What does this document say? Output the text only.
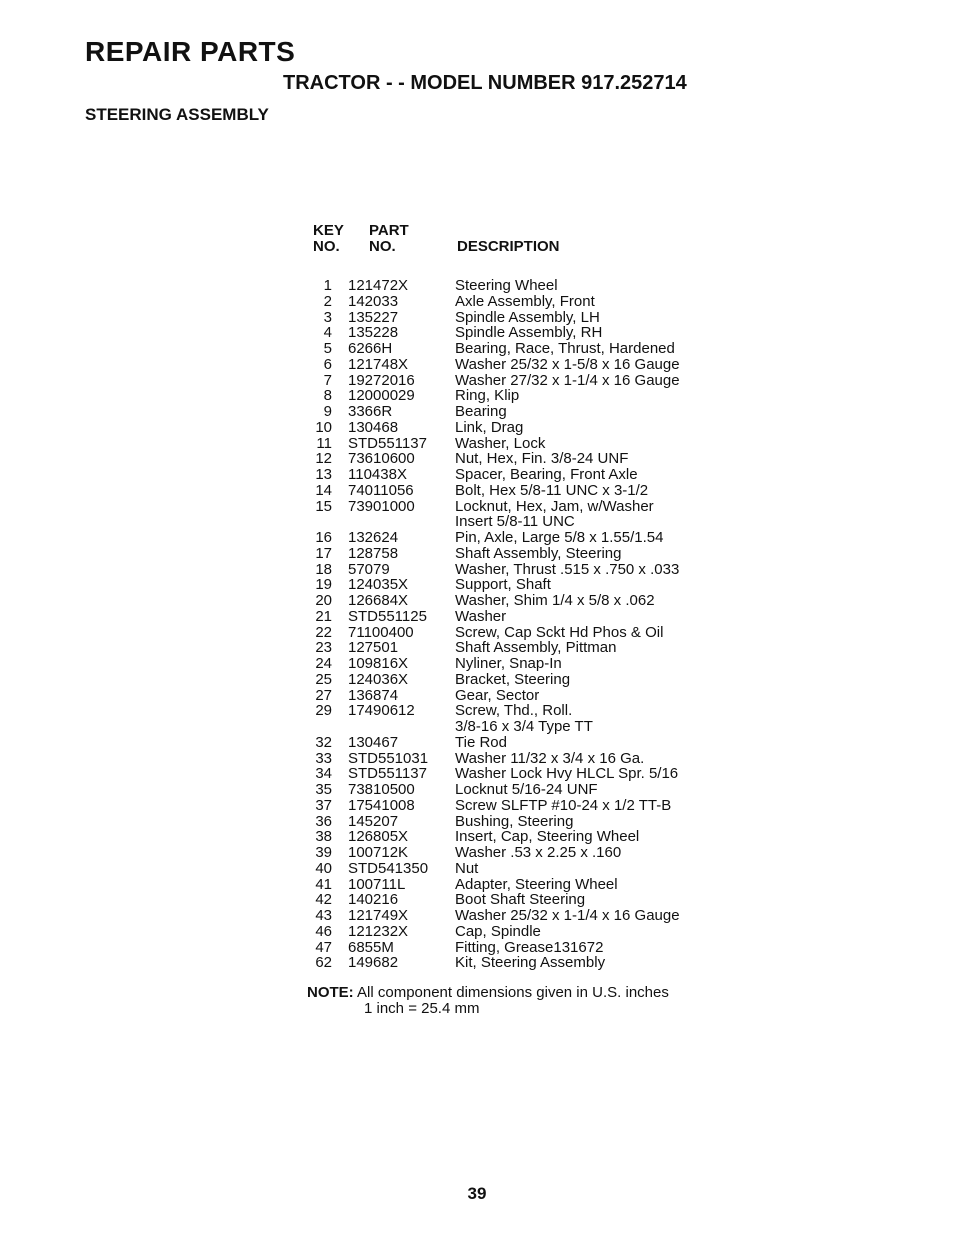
REPAIR PARTS
TRACTOR - - MODEL NUMBER 917.252714
STEERING ASSEMBLY
KEY
NO.
PART
NO.	DESCRIPTION
1 121472X	Steering Wheel
2 142033	Axle Assembly, Front
3 135227	Spindle Assembly, LH
4 135228	Spindle Assembly, RH
5 6266H	Bearing, Race, Thrust, Hardened
6 121748X	Washer 25/32 x 1-5/8 x 16 Gauge
7 19272016	Washer 27/32 x 1-1/4 x 16 Gauge
8 12000029	Ring, Klip
9 3366R	Bearing
10 130468	Link, Drag
11 STD551137 Washer, Lock
12 73610600	Nut, Hex, Fin. 3/8-24 UNF
13 110438X	Spacer, Bearing, Front Axle
14 74011056	Bolt, Hex 5/8-11 UNC x 3-1/2
15 73901000	Locknut, Hex, Jam, w/Washer
Insert 5/8-11 UNC
16 132624	Pin, Axle, Large 5/8 x 1.55/1.54
17 128758	Shaft Assembly, Steering
18 57079	Washer, Thrust .515 x .750 x .033
19 124035X	Support, Shaft
20 126684X	Washer, Shim 1/4 x 5/8 x .062
21 STD551125 Washer
22 71100400	Screw, Cap Sckt Hd Phos & Oil
23 127501	Shaft Assembly, Pittman
24 109816X	Nyliner, Snap-In
25 124036X	Bracket, Steering
27 136874	Gear, Sector
29 17490612	Screw, Thd., Roll.
3/8-16 x 3/4 Type TT
32 130467	Tie Rod
33 STD551031 Washer 11/32 x 3/4 x 16 Ga.
34 STD551137 Washer Lock Hvy HLCL Spr. 5/16
35 73810500	Locknut 5/16-24 UNF
37 17541008	Screw SLFTP #10-24 x 1/2 TT-B
36 145207	Bushing, Steering
38 126805X	Insert, Cap, Steering Wheel
39 100712K	Washer .53 x 2.25 x .160
40 STD541350 Nut
41 100711L	Adapter, Steering Wheel
42 140216	Boot Shaft Steering
43 121749X	Washer 25/32 x 1-1/4 x 16 Gauge
46 121232X	Cap, Spindle
47 6855M	Fitting, Grease131672
62 149682	Kit, Steering Assembly
NOTE: All component dimensions given in U.S. inches
1 inch = 25.4 mm
39
